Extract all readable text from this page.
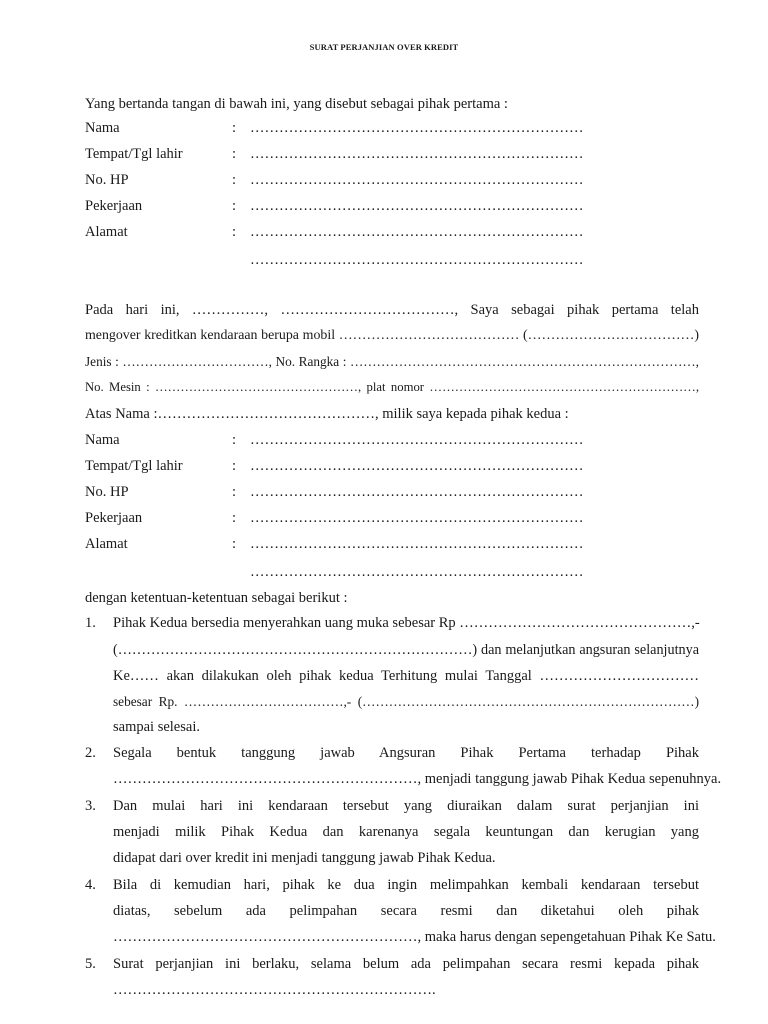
SURAT PERJANJIAN OVER KREDIT
Yang bertanda tangan di bawah ini, yang disebut sebagai pihak pertama :
Nama	: ……………………………………………………………
Tempat/Tgl lahir	: ……………………………………………………………
No. HP	: ……………………………………………………………
Pekerjaan	: ……………………………………………………………
Alamat	: ……………………………………………………………
……………………………………………………………
Pada hari ini, ……………, ………………………………, Saya sebagai pihak pertama telah
mengover kreditkan kendaraan berupa mobil ………………………………… (………………………………)
Jenis : ……………………………, No. Rangka : ……………………………………………………………………,
No. Mesin : …………………………………………, plat nomor ………………………………………………………,
Atas Nama :………………………………………, milik saya kepada pihak kedua :
Nama	: ……………………………………………………………
Tempat/Tgl lahir	: ……………………………………………………………
No. HP	: ……………………………………………………………
Pekerjaan	: ……………………………………………………………
Alamat	: ……………………………………………………………
……………………………………………………………
dengan ketentuan-ketentuan sebagai berikut :
1. Pihak Kedua bersedia menyerahkan uang muka sebesar Rp …………………………………………,-
(…………………………………………………………………) dan melanjutkan angsuran selanjutnya
Ke…… akan dilakukan oleh pihak kedua Terhitung mulai Tanggal ……………………………
sebesar Rp. ………………………………,- (…………………………………………………………………)
sampai selesai.
2. Segala bentuk tanggung jawab Angsuran Pihak Pertama terhadap Pihak
………………………………………………………, menjadi tanggung jawab Pihak Kedua sepenuhnya.
3. Dan mulai hari ini kendaraan tersebut yang diuraikan dalam surat perjanjian ini
menjadi milik Pihak Kedua dan karenanya segala keuntungan dan kerugian yang
didapat dari over kredit ini menjadi tanggung jawab Pihak Kedua.
4. Bila di kemudian hari, pihak ke dua ingin melimpahkan kembali kendaraan tersebut
diatas, sebelum ada pelimpahan secara resmi dan diketahui oleh pihak
………………………………………………………, maka harus dengan sepengetahuan Pihak Ke Satu.
5. Surat perjanjian ini berlaku, selama belum ada pelimpahan secara resmi kepada pihak
………………………………………………………….
